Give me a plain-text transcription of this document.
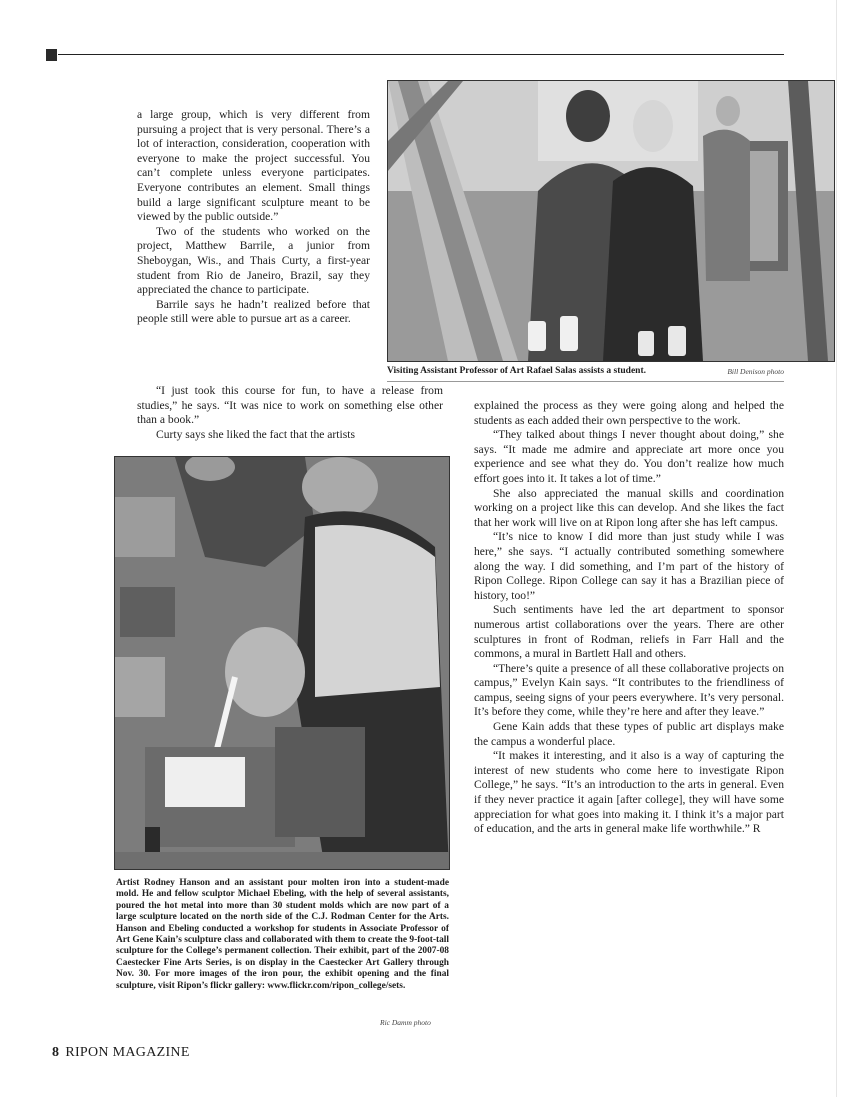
Visiting Assistant Professor of Art Rafael Salas assists a student.	Bill Denison photo

a large group, which is very different from pursuing a project that is very personal. There’s a lot of interaction, consideration, cooperation with everyone to make the project successful. You can’t complete unless everyone participates. Everyone contributes an element. Small things build a large significant sculpture meant to be viewed by the public outside.”

Two of the students who worked on the project, Matthew Barrile, a junior from Sheboygan, Wis., and Thais Curty, a first-year student from Rio de Janeiro, Brazil, say they appreciated the chance to participate.

Barrile says he hadn’t realized before that people still were able to pursue art as a career.

“I just took this course for fun, to have a release from studies,” he says. “It was nice to work on something else other than a book.”

Curty says she liked the fact that the artists

explained the process as they were going along and helped the students as each added their own perspective to the work.

“They talked about things I never thought about doing,” she says. “It made me admire and appreciate art more once you experience and see what they do. You don’t realize how much effort goes into it. It takes a lot of time.”

She also appreciated the manual skills and coordination working on a project like this can develop. And she likes the fact that her work will live on at Ripon long after she has left campus.

“It’s nice to know I did more than just study while I was here,” she says. “I actually contributed something somewhere along the way. I did something, and I’m part of the history of Ripon College. Ripon College can say it has a Brazilian piece of history, too!”

Such sentiments have led the art department to sponsor numerous artist collaborations over the years. There are other sculptures in front of Rodman, reliefs in Farr Hall and the commons, a mural in Bartlett Hall and others.

“There’s quite a presence of all these collaborative projects on campus,” Evelyn Kain says. “It contributes to the friendliness of campus, seeing signs of your peers everywhere. It’s very personal. It’s before they come, while they’re here and after they leave.”

Gene Kain adds that these types of public art displays make the campus a wonderful place.

“It makes it interesting, and it also is a way of capturing the interest of new students who come here to investigate Ripon College,” he says. “It’s an introduction to the arts in general. Even if they never practice it again [after college], they will have some appreciation for what goes into making it. I think it’s a major part of education, and the arts in general make life worthwhile.” R

Artist Rodney Hanson and an assistant pour molten iron into a student-made mold. He and fellow sculptor Michael Ebeling, with the help of several assistants, poured the hot metal into more than 30 student molds which are now part of a large sculpture located on the north side of the C.J. Rodman Center for the Arts. Hanson and Ebeling conducted a workshop for students in Associate Professor of Art Gene Kain’s sculpture class and collaborated with them to create the 9-foot-tall sculpture for the College’s permanent collection. Their exhibit, part of the 2007-08 Caestecker Fine Arts Series, is on display in the Caestecker Art Gallery through Nov. 30. For more images of the iron pour, the exhibit opening and the final sculpture, visit Ripon’s flickr gallery: www.flickr.com/ripon_college/sets.
Ric Damm photo
8 RIPON MAGAZINE
